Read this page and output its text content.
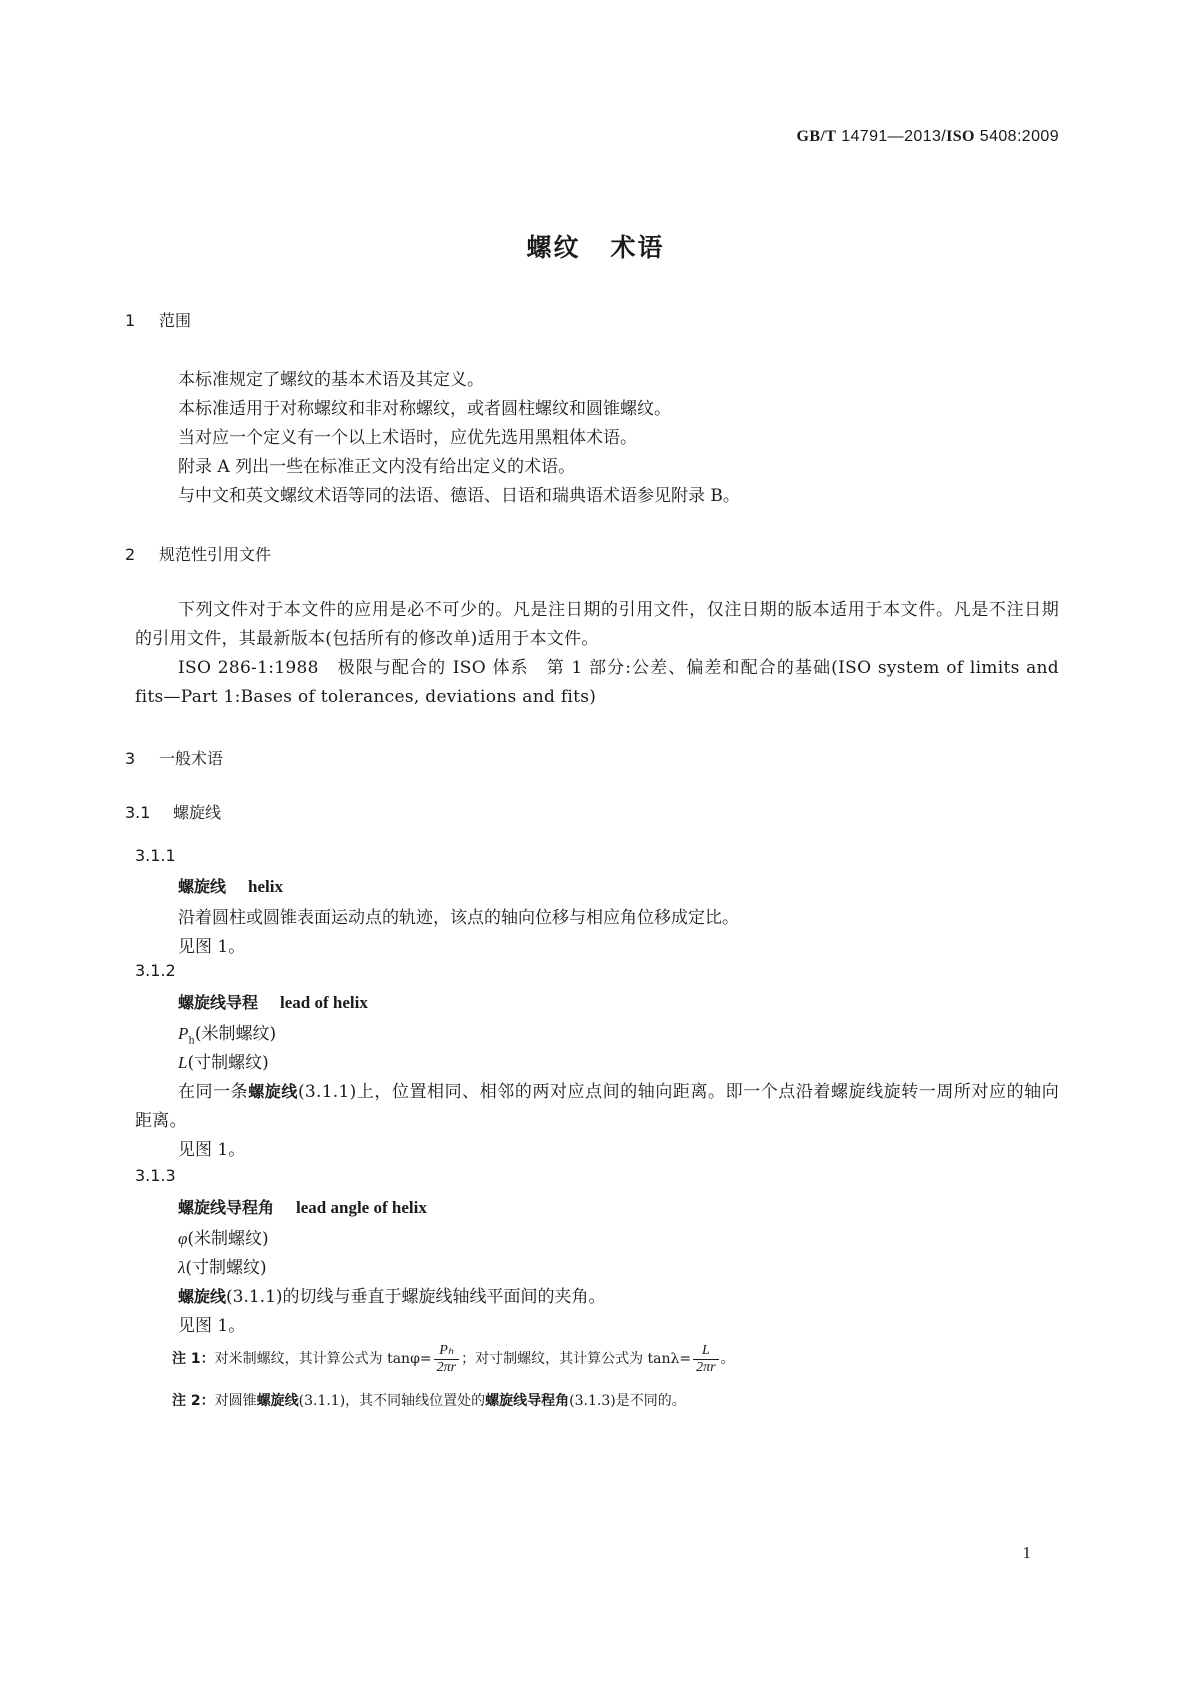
GB/T 14791—2013/ISO 5408:2009
螺纹 术语
1 范围
本标准规定了螺纹的基本术语及其定义。
本标准适用于对称螺纹和非对称螺纹，或者圆柱螺纹和圆锥螺纹。
当对应一个定义有一个以上术语时，应优先选用黑粗体术语。
附录 A 列出一些在标准正文内没有给出定义的术语。
与中文和英文螺纹术语等同的法语、德语、日语和瑞典语术语参见附录 B。
2 规范性引用文件
下列文件对于本文件的应用是必不可少的。凡是注日期的引用文件，仅注日期的版本适用于本文件。凡是不注日期的引用文件，其最新版本(包括所有的修改单)适用于本文件。
ISO 286-1:1988　极限与配合的 ISO 体系　第 1 部分:公差、偏差和配合的基础(ISO system of limits and fits—Part 1:Bases of tolerances, deviations and fits)
3 一般术语
3.1 螺旋线
3.1.1
螺旋线 helix
沿着圆柱或圆锥表面运动点的轨迹，该点的轴向位移与相应角位移成定比。
见图 1。
3.1.2
螺旋线导程 lead of helix
$P_h$(米制螺纹)
L(寸制螺纹)
在同一条螺旋线(3.1.1)上，位置相同、相邻的两对应点间的轴向距离。即一个点沿着螺旋线旋转一周所对应的轴向距离。
见图 1。
3.1.3
螺旋线导程角 lead angle of helix
φ(米制螺纹)
λ(寸制螺纹)
螺旋线(3.1.1)的切线与垂直于螺旋线轴线平面间的夹角。
见图 1。
注 1：对米制螺纹，其计算公式为 $\tan\varphi= \frac{\text{Pₕ}}{2\pi r}$ ；对寸制螺纹，其计算公式为 $\tan\lambda= \frac{L}{2\pi r}$ 。
注 2：对圆锥螺旋线(3.1.1)，其不同轴线位置处的螺旋线导程角(3.1.3)是不同的。
1
